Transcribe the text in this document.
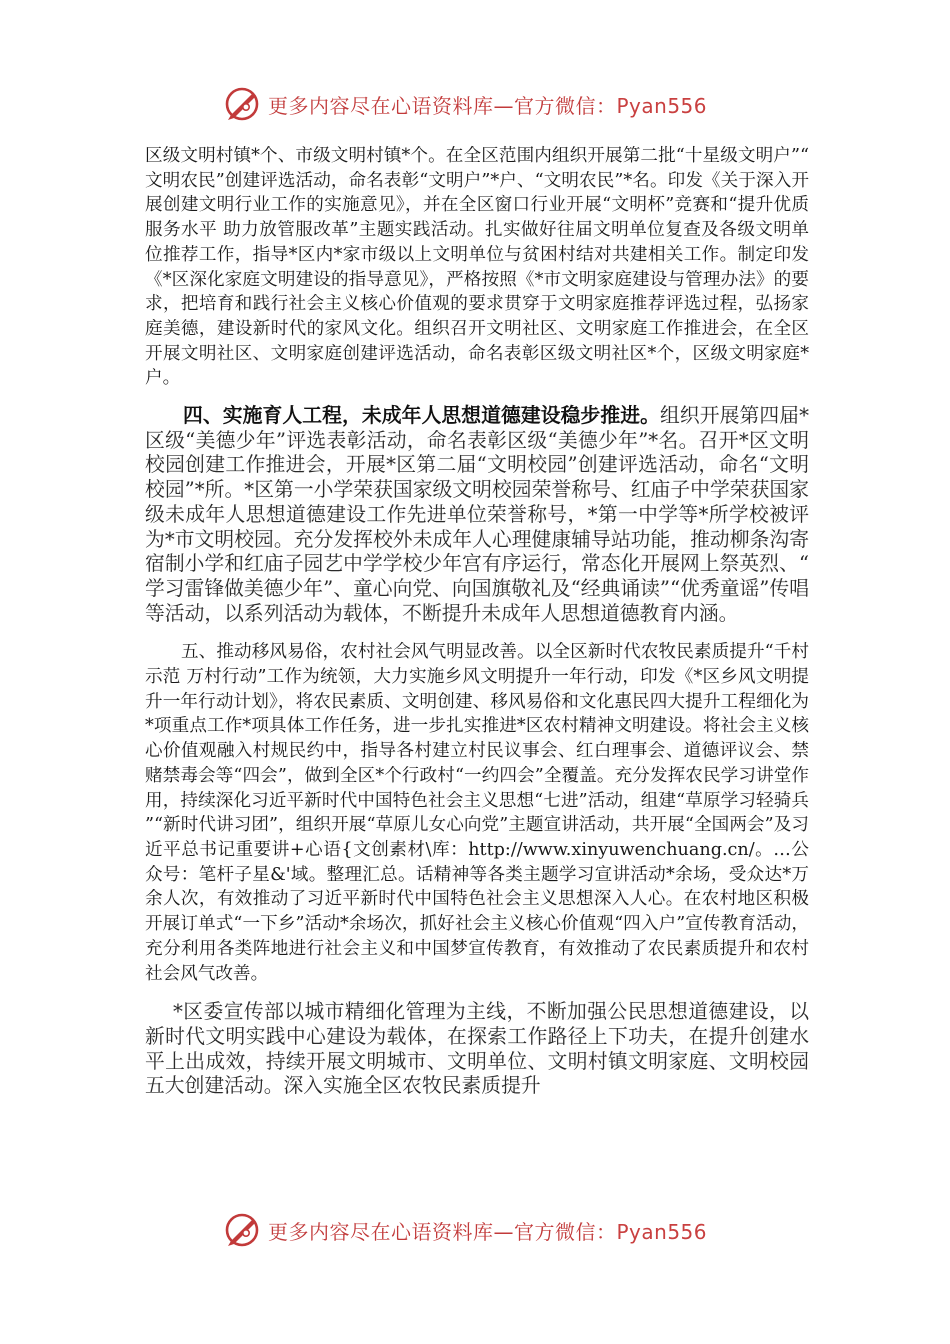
更多内容尽在心语资料库—官方微信：Pyan556

区级文明村镇*个、市级文明村镇*个。在全区范围内组织开展第二批“十星级文明户”“文明农民”创建评选活动，命名表彰“文明户”*户、“文明农民”*名。印发《关于深入开展创建文明行业工作的实施意见》，并在全区窗口行业开展“文明杯”竞赛和“提升优质服务水平 助力放管服改革”主题实践活动。扎实做好往届文明单位复查及各级文明单位推荐工作，指导*区内*家市级以上文明单位与贫困村结对共建相关工作。制定印发《*区深化家庭文明建设的指导意见》，严格按照《*市文明家庭建设与管理办法》的要求，把培育和践行社会主义核心价值观的要求贯穿于文明家庭推荐评选过程，弘扬家庭美德，建设新时代的家风文化。组织召开文明社区、文明家庭工作推进会，在全区开展文明社区、文明家庭创建评选活动，命名表彰区级文明社区*个，区级文明家庭*户。

四、实施育人工程，未成年人思想道德建设稳步推进。组织开展第四届*区级“美德少年”评选表彰活动，命名表彰区级“美德少年”*名。召开*区文明校园创建工作推进会，开展*区第二届“文明校园”创建评选活动，命名“文明校园”*所。*区第一小学荣获国家级文明校园荣誉称号、红庙子中学荣获国家级未成年人思想道德建设工作先进单位荣誉称号，*第一中学等*所学校被评为*市文明校园。充分发挥校外未成年人心理健康辅导站功能，推动柳条沟寄宿制小学和红庙子园艺中学学校少年宫有序运行，常态化开展网上祭英烈、“学习雷锋做美德少年”、童心向党、向国旗敬礼及“经典诵读”“优秀童谣”传唱等活动，以系列活动为载体，不断提升未成年人思想道德教育内涵。

五、推动移风易俗，农村社会风气明显改善。以全区新时代农牧民素质提升“千村示范 万村行动”工作为统领，大力实施乡风文明提升一年行动，印发《*区乡风文明提升一年行动计划》，将农民素质、文明创建、移风易俗和文化惠民四大提升工程细化为*项重点工作*项具体工作任务，进一步扎实推进*区农村精神文明建设。将社会主义核心价值观融入村规民约中，指导各村建立村民议事会、红白理事会、道德评议会、禁赌禁毒会等“四会”，做到全区*个行政村“一约四会”全覆盖。充分发挥农民学习讲堂作用，持续深化习近平新时代中国特色社会主义思想“七进”活动，组建“草原学习轻骑兵”“新时代讲习团”，组织开展“草原儿女心向党”主题宣讲活动，共开展“全国两会”及习近平总书记重要讲+心语{文创素材\库：http://www.xinyuwenchuang.cn/。…公众号：笔杆子星&'域。整理汇总。话精神等各类主题学习宣讲活动*余场，受众达*万余人次，有效推动了习近平新时代中国特色社会主义思想深入人心。在农村地区积极开展订单式“一下乡”活动*余场次，抓好社会主义核心价值观“四入户”宣传教育活动，充分利用各类阵地进行社会主义和中国梦宣传教育，有效推动了农民素质提升和农村社会风气改善。

*区委宣传部以城市精细化管理为主线，不断加强公民思想道德建设，以新时代文明实践中心建设为载体，在探索工作路径上下功夫，在提升创建水平上出成效，持续开展文明城市、文明单位、文明村镇文明家庭、文明校园五大创建活动。深入实施全区农牧民素质提升

更多内容尽在心语资料库—官方微信：Pyan556
